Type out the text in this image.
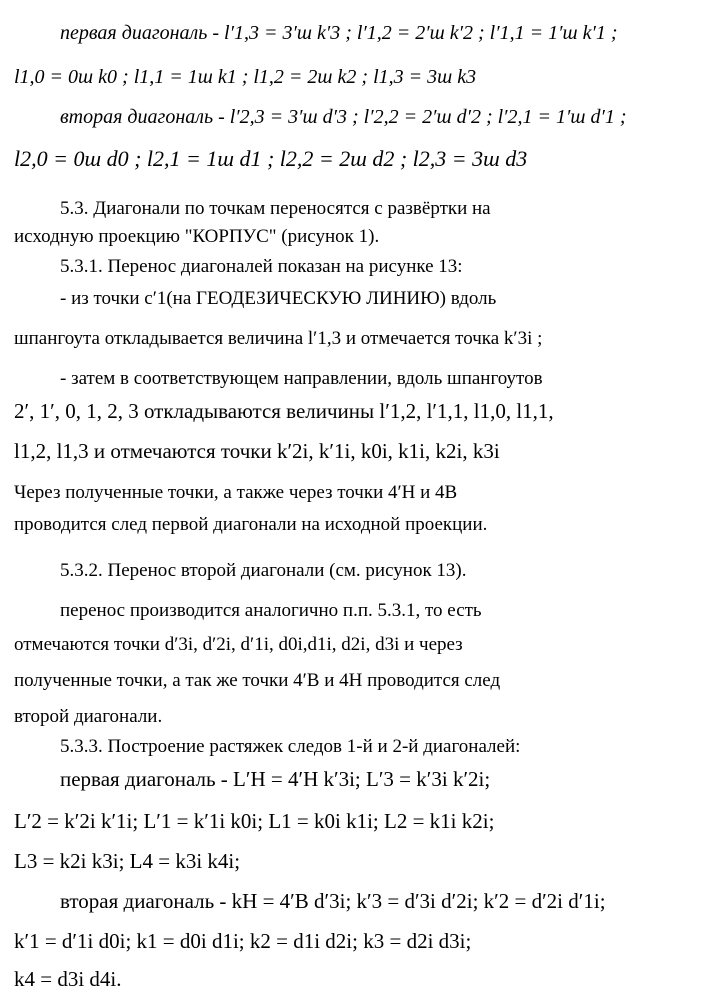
первая диагональ - l′1,3 = 3′ш k′3 ; l′1,2 = 2′ш k′2 ; l′1,1 = 1′ш k′1 ;
l1,0 = 0ш k0 ; l1,1 = 1ш k1 ; l1,2 = 2ш k2 ; l1,3 = 3ш k3
вторая диагональ - l′2,3 = 3′ш d′3 ; l′2,2 = 2′ш d′2 ; l′2,1 = 1′ш d′1 ;
l2,0 = 0ш d0 ; l2,1 = 1ш d1 ; l2,2 = 2ш d2 ; l2,3 = 3ш d3
5.3. Диагонали по точкам переносятся с развёртки на
исходную проекцию "КОРПУС" (рисунок 1).
5.3.1. Перенос диагоналей показан на рисунке 13:
- из точки c′1(на ГЕОДЕЗИЧЕСКУЮ ЛИНИЮ) вдоль
шпангоута откладывается величина l′1,3 и отмечается точка k′3i ;
- затем в соответствующем направлении, вдоль шпангоутов
2′, 1′, 0, 1, 2, 3 откладываются величины l′1,2, l′1,1, l1,0, l1,1,
l1,2, l1,3 и отмечаются точки k′2i, k′1i, k0i, k1i, k2i, k3i
Через полученные точки, а также через точки 4′H и 4B
проводится след первой диагонали на исходной проекции.
5.3.2. Перенос второй диагонали (см. рисунок 13).
перенос производится аналогично п.п. 5.3.1, то есть
отмечаются точки d′3i, d′2i, d′1i, d0i,d1i, d2i, d3i и через
полученные точки, а так же точки 4′B и 4H проводится след
второй диагонали.
5.3.3. Построение растяжек следов 1-й и 2-й диагоналей:
первая диагональ - L′H = 4′H k′3i; L′3 = k′3i k′2i;
L′2 = k′2i k′1i; L′1 = k′1i k0i; L1 = k0i k1i; L2 = k1i k2i;
L3 = k2i k3i; L4 = k3i k4i;
вторая диагональ - kH = 4′B d′3i; k′3 = d′3i d′2i; k′2 = d′2i d′1i;
k′1 = d′1i d0i; k1 = d0i d1i; k2 = d1i d2i; k3 = d2i d3i;
k4 = d3i d4i.
